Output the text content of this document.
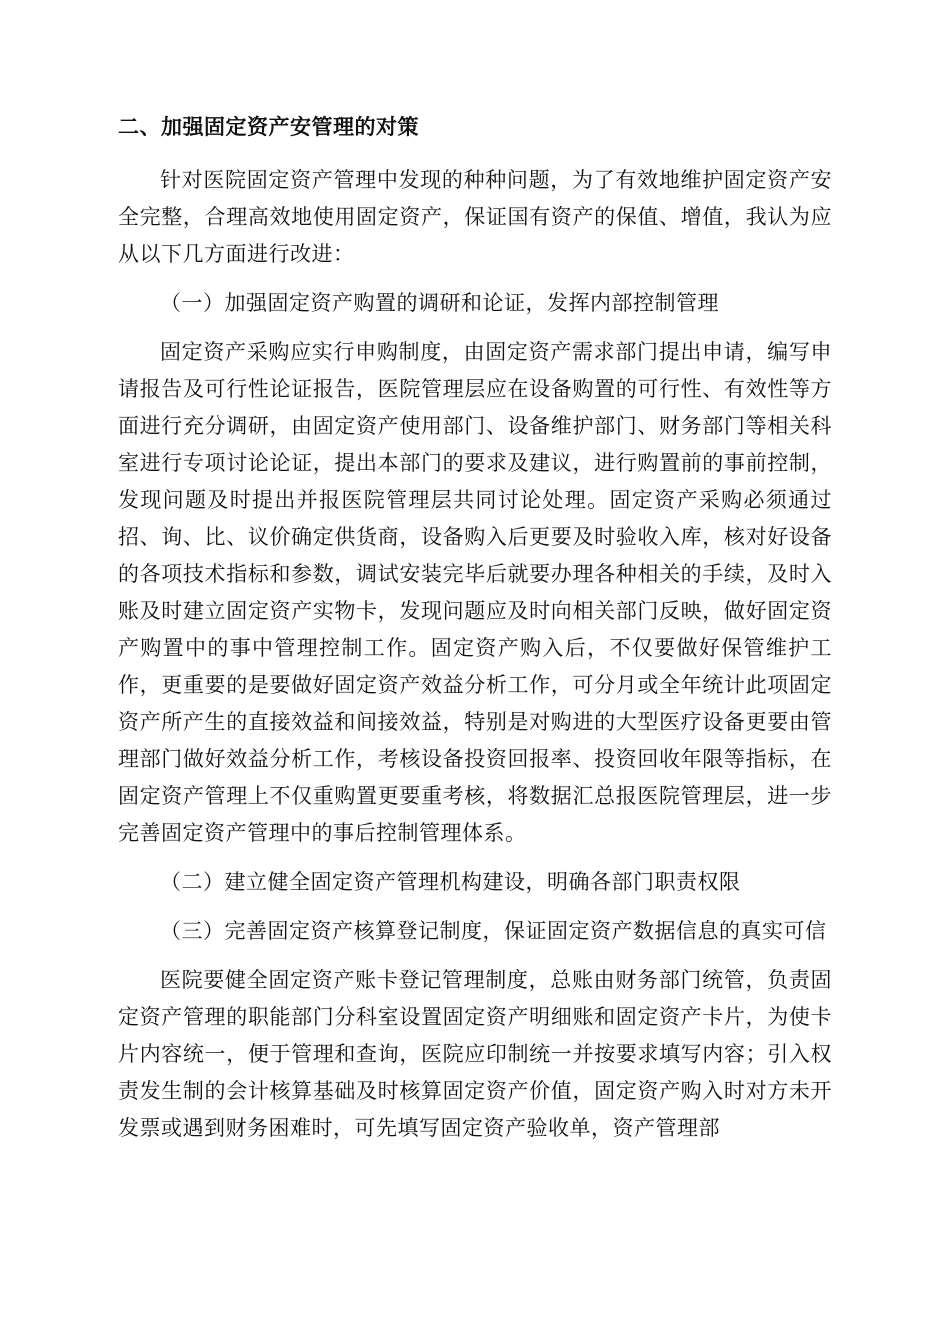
二、加强固定资产安管理的对策

针对医院固定资产管理中发现的种种问题，为了有效地维护固定资产安全完整，合理高效地使用固定资产，保证国有资产的保值、增值，我认为应从以下几方面进行改进：

（一）加强固定资产购置的调研和论证，发挥内部控制管理

固定资产采购应实行申购制度，由固定资产需求部门提出申请，编写申请报告及可行性论证报告，医院管理层应在设备购置的可行性、有效性等方面进行充分调研，由固定资产使用部门、设备维护部门、财务部门等相关科室进行专项讨论论证，提出本部门的要求及建议，进行购置前的事前控制，发现问题及时提出并报医院管理层共同讨论处理。固定资产采购必须通过招、询、比、议价确定供货商，设备购入后更要及时验收入库，核对好设备的各项技术指标和参数，调试安装完毕后就要办理各种相关的手续，及时入账及时建立固定资产实物卡，发现问题应及时向相关部门反映，做好固定资产购置中的事中管理控制工作。固定资产购入后，不仅要做好保管维护工作，更重要的是要做好固定资产效益分析工作，可分月或全年统计此项固定资产所产生的直接效益和间接效益，特别是对购进的大型医疗设备更要由管理部门做好效益分析工作，考核设备投资回报率、投资回收年限等指标，在固定资产管理上不仅重购置更要重考核，将数据汇总报医院管理层，进一步完善固定资产管理中的事后控制管理体系。

（二）建立健全固定资产管理机构建设，明确各部门职责权限

（三）完善固定资产核算登记制度，保证固定资产数据信息的真实可信

医院要健全固定资产账卡登记管理制度，总账由财务部门统管，负责固定资产管理的职能部门分科室设置固定资产明细账和固定资产卡片，为使卡片内容统一，便于管理和查询，医院应印制统一并按要求填写内容；引入权责发生制的会计核算基础及时核算固定资产价值，固定资产购入时对方未开发票或遇到财务困难时，可先填写固定资产验收单，资产管理部
